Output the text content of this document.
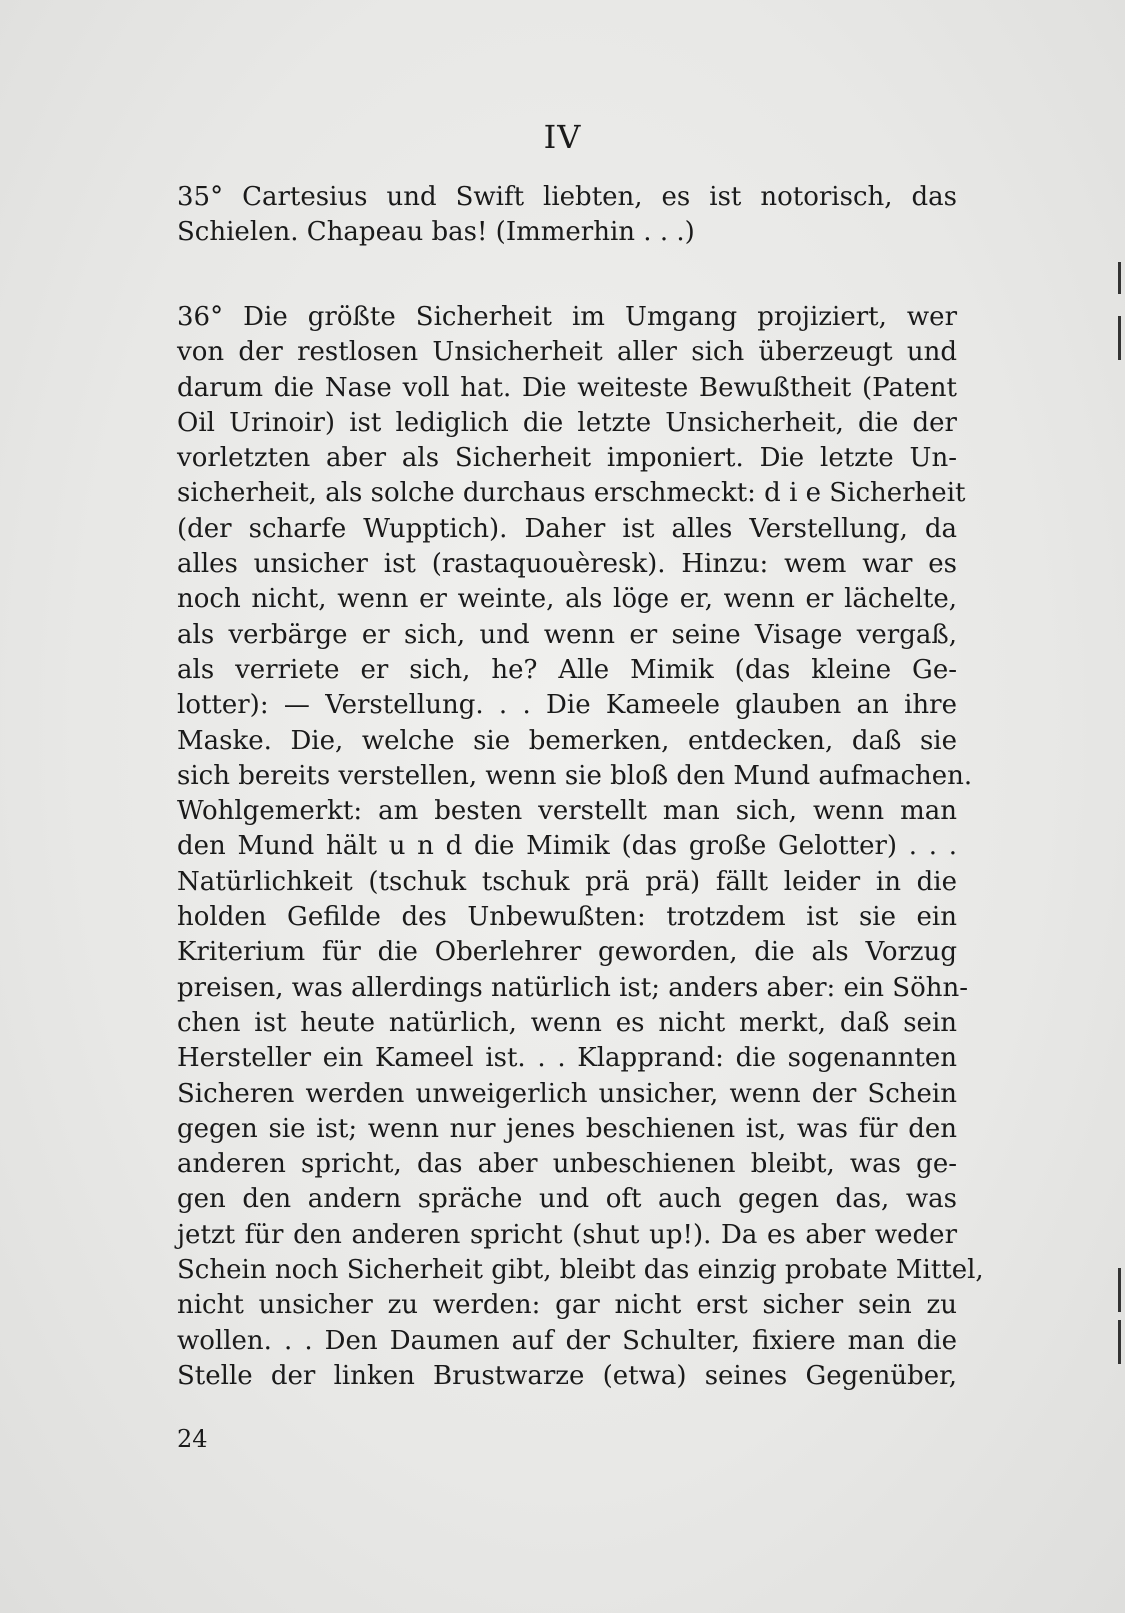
IV
35° Cartesius und Swift liebten, es ist notorisch, das
Schielen. Chapeau bas! (Immerhin . . .)
36° Die größte Sicherheit im Umgang projiziert, wer
von der restlosen Unsicherheit aller sich überzeugt und
darum die Nase voll hat. Die weiteste Bewußtheit (Patent
Oil Urinoir) ist lediglich die letzte Unsicherheit, die der
vorletzten aber als Sicherheit imponiert. Die letzte Un-
sicherheit, als solche durchaus erschmeckt: d i e Sicherheit
(der scharfe Wupptich). Daher ist alles Verstellung, da
alles unsicher ist (rastaquouèresk). Hinzu: wem war es
noch nicht, wenn er weinte, als löge er, wenn er lächelte,
als verbärge er sich, und wenn er seine Visage vergaß,
als verriete er sich, he? Alle Mimik (das kleine Ge-
lotter): — Verstellung. . . Die Kameele glauben an ihre
Maske. Die, welche sie bemerken, entdecken, daß sie
sich bereits verstellen, wenn sie bloß den Mund aufmachen.
Wohlgemerkt: am besten verstellt man sich, wenn man
den Mund hält u n d die Mimik (das große Gelotter) . . .
Natürlichkeit (tschuk tschuk prä prä) fällt leider in die
holden Gefilde des Unbewußten: trotzdem ist sie ein
Kriterium für die Oberlehrer geworden, die als Vorzug
preisen, was allerdings natürlich ist; anders aber: ein Söhn-
chen ist heute natürlich, wenn es nicht merkt, daß sein
Hersteller ein Kameel ist. . . Klapprand: die sogenannten
Sicheren werden unweigerlich unsicher, wenn der Schein
gegen sie ist; wenn nur jenes beschienen ist, was für den
anderen spricht, das aber unbeschienen bleibt, was ge-
gen den andern spräche und oft auch gegen das, was
jetzt für den anderen spricht (shut up!). Da es aber weder
Schein noch Sicherheit gibt, bleibt das einzig probate Mittel,
nicht unsicher zu werden: gar nicht erst sicher sein zu
wollen. . . Den Daumen auf der Schulter, fixiere man die
Stelle der linken Brustwarze (etwa) seines Gegenüber,
24
